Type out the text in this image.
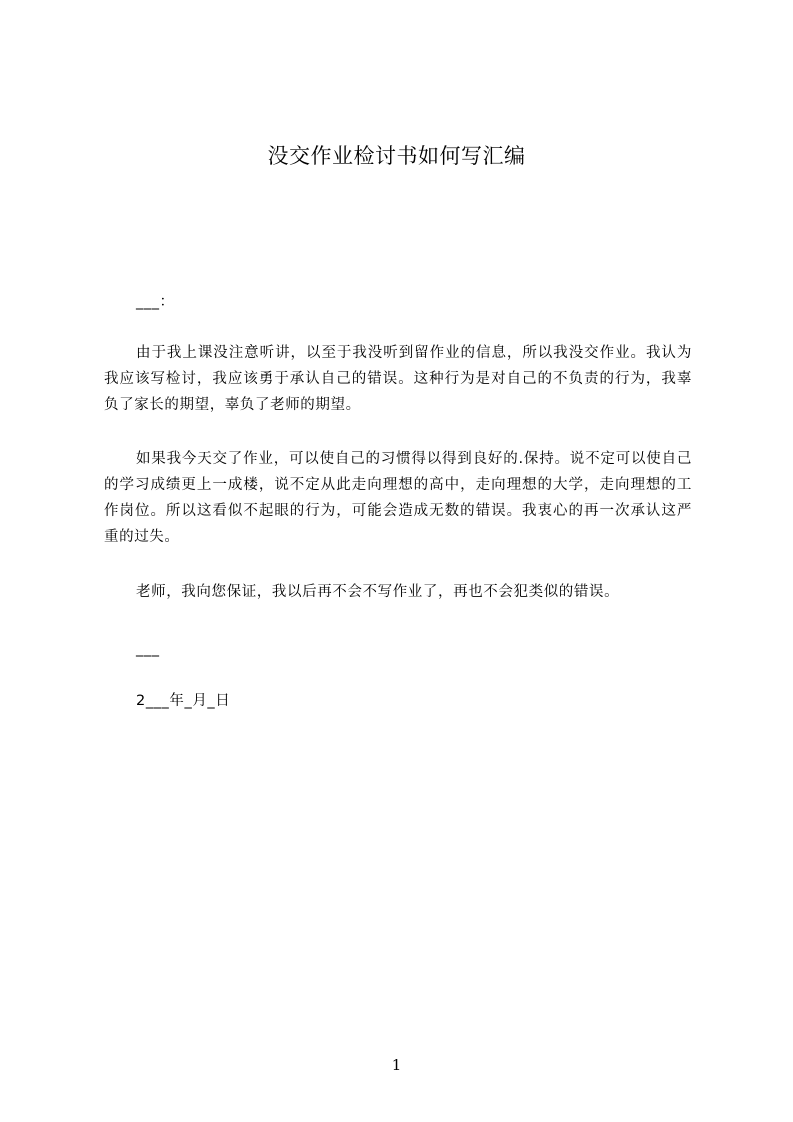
没交作业检讨书如何写汇编
___：
由于我上课没注意听讲，以至于我没听到留作业的信息，所以我没交作业。我认为我应该写检讨，我应该勇于承认自己的错误。这种行为是对自己的不负责的行为，我辜负了家长的期望，辜负了老师的期望。
如果我今天交了作业，可以使自己的习惯得以得到良好的.保持。说不定可以使自己的学习成绩更上一成楼，说不定从此走向理想的高中，走向理想的大学，走向理想的工作岗位。所以这看似不起眼的行为，可能会造成无数的错误。我衷心的再一次承认这严重的过失。
老师，我向您保证，我以后再不会不写作业了，再也不会犯类似的错误。
___
2___年_月_日
1
